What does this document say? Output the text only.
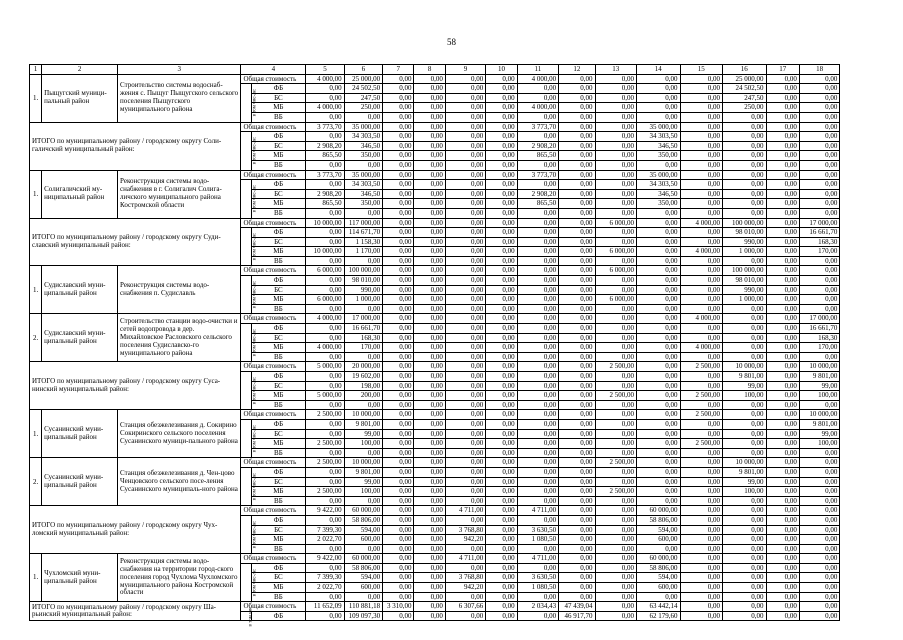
58
1	2	3	4		5	6	7	8	9	10	11	12	13	14	15	16	17	18
1.	Пыщугский муници-пальный район	Строительство системы водоснаб-жения с. Пыщуг Пыщугского сельского поселения Пыщугского муниципального района	Общая стоимость		4 000,00	25 000,00	0,00	0,00	0,00	0,00	4 000,00	0,00	0,00	0,00	0,00	25 000,00	0,00	0,00
			в том чис-ле:	ФБ	0,00	24 502,50	0,00	0,00	0,00	0,00	0,00	0,00	0,00	0,00	0,00	24 502,50	0,00	0,00
				БС	0,00	247,50	0,00	0,00	0,00	0,00	0,00	0,00	0,00	0,00	0,00	247,50	0,00	0,00
				МБ	4 000,00	250,00	0,00	0,00	0,00	0,00	4 000,00	0,00	0,00	0,00	0,00	250,00	0,00	0,00
				ВБ	0,00	0,00	0,00	0,00	0,00	0,00	0,00	0,00	0,00	0,00	0,00	0,00	0,00	0,00
ИТОГО по муниципальному району / городскому округу Соли-галичский муниципальный район:			Общая стоимость		3 773,70	35 000,00	0,00	0,00	0,00	0,00	3 773,70	0,00	0,00	35 000,00	0,00	0,00	0,00	0,00
			в том чис-ле:	ФБ	0,00	34 303,50	0,00	0,00	0,00	0,00	0,00	0,00	0,00	34 303,50	0,00	0,00	0,00	0,00
				БС	2 908,20	346,50	0,00	0,00	0,00	0,00	2 908,20	0,00	0,00	346,50	0,00	0,00	0,00	0,00
				МБ	865,50	350,00	0,00	0,00	0,00	0,00	865,50	0,00	0,00	350,00	0,00	0,00	0,00	0,00
				ВБ	0,00	0,00	0,00	0,00	0,00	0,00	0,00	0,00	0,00	0,00	0,00	0,00	0,00	0,00
1.	Солигаличский му-ниципальный район	Реконструкция системы водо-снабжения в г. Солигалич Солига-личского муниципального района Костромской области	Общая стоимость		3 773,70	35 000,00	0,00	0,00	0,00	0,00	3 773,70	0,00	0,00	35 000,00	0,00	0,00	0,00	0,00
			в том чис-ле:	ФБ	0,00	34 303,50	0,00	0,00	0,00	0,00	0,00	0,00	0,00	34 303,50	0,00	0,00	0,00	0,00
				БС	2 908,20	346,50	0,00	0,00	0,00	0,00	2 908,20	0,00	0,00	346,50	0,00	0,00	0,00	0,00
				МБ	865,50	350,00	0,00	0,00	0,00	0,00	865,50	0,00	0,00	350,00	0,00	0,00	0,00	0,00
				ВБ	0,00	0,00	0,00	0,00	0,00	0,00	0,00	0,00	0,00	0,00	0,00	0,00	0,00	0,00
ИТОГО по муниципальному району / городскому округу Суди-славский муниципальный район:			Общая стоимость		10 000,00	117 000,00	0,00	0,00	0,00	0,00	0,00	0,00	6 000,00	0,00	4 000,00	100 000,00	0,00	17 000,00
			в том чис-ле:	ФБ	0,00	114 671,70	0,00	0,00	0,00	0,00	0,00	0,00	0,00	0,00	0,00	98 010,00	0,00	16 661,70
				БС	0,00	1 158,30	0,00	0,00	0,00	0,00	0,00	0,00	0,00	0,00	0,00	990,00	0,00	168,30
				МБ	10 000,00	1 170,00	0,00	0,00	0,00	0,00	0,00	0,00	6 000,00	0,00	4 000,00	1 000,00	0,00	170,00
				ВБ	0,00	0,00	0,00	0,00	0,00	0,00	0,00	0,00	0,00	0,00	0,00	0,00	0,00	0,00
1.	Судиславский муни-ципальный район	Реконструкция системы водо-снабжения п. Судиславль	Общая стоимость		6 000,00	100 000,00	0,00	0,00	0,00	0,00	0,00	0,00	6 000,00	0,00	0,00	100 000,00	0,00	0,00
			в том чис-ле:	ФБ	0,00	98 010,00	0,00	0,00	0,00	0,00	0,00	0,00	0,00	0,00	0,00	98 010,00	0,00	0,00
				БС	0,00	990,00	0,00	0,00	0,00	0,00	0,00	0,00	0,00	0,00	0,00	990,00	0,00	0,00
				МБ	6 000,00	1 000,00	0,00	0,00	0,00	0,00	0,00	0,00	6 000,00	0,00	0,00	1 000,00	0,00	0,00
				ВБ	0,00	0,00	0,00	0,00	0,00	0,00	0,00	0,00	0,00	0,00	0,00	0,00	0,00	0,00
2.	Судиславский муни-ципальный район	Строительство станции водо-очистки и сетей водопровода в дер. Михайловское Расловского сельского поселения Судиславско-го муниципального района	Общая стоимость		4 000,00	17 000,00	0,00	0,00	0,00	0,00	0,00	0,00	0,00	0,00	4 000,00	0,00	0,00	17 000,00
			в том чис-ле:	ФБ	0,00	16 661,70	0,00	0,00	0,00	0,00	0,00	0,00	0,00	0,00	0,00	0,00	0,00	16 661,70
				БС	0,00	168,30	0,00	0,00	0,00	0,00	0,00	0,00	0,00	0,00	0,00	0,00	0,00	168,30
				МБ	4 000,00	170,00	0,00	0,00	0,00	0,00	0,00	0,00	0,00	0,00	4 000,00	0,00	0,00	170,00
				ВБ	0,00	0,00	0,00	0,00	0,00	0,00	0,00	0,00	0,00	0,00	0,00	0,00	0,00	0,00
ИТОГО по муниципальному району / городскому округу Суса-нинский муниципальный район:			Общая стоимость		5 000,00	20 000,00	0,00	0,00	0,00	0,00	0,00	0,00	2 500,00	0,00	2 500,00	10 000,00	0,00	10 000,00
			в том чис-ле:	ФБ	0,00	19 602,00	0,00	0,00	0,00	0,00	0,00	0,00	0,00	0,00	0,00	9 801,00	0,00	9 801,00
				БС	0,00	198,00	0,00	0,00	0,00	0,00	0,00	0,00	0,00	0,00	0,00	99,00	0,00	99,00
				МБ	5 000,00	200,00	0,00	0,00	0,00	0,00	0,00	0,00	2 500,00	0,00	2 500,00	100,00	0,00	100,00
				ВБ	0,00	0,00	0,00	0,00	0,00	0,00	0,00	0,00	0,00	0,00	0,00	0,00	0,00	0,00
1.	Сусанинский муни-ципальный район	Станция обезжелезивания д. Сокирино Сокиринского сельского поселения Сусанинского муници-пального района	Общая стоимость		2 500,00	10 000,00	0,00	0,00	0,00	0,00	0,00	0,00	0,00	0,00	2 500,00	0,00	0,00	10 000,00
			в том чис-ле:	ФБ	0,00	9 801,00	0,00	0,00	0,00	0,00	0,00	0,00	0,00	0,00	0,00	0,00	0,00	9 801,00
				БС	0,00	99,00	0,00	0,00	0,00	0,00	0,00	0,00	0,00	0,00	0,00	0,00	0,00	99,00
				МБ	2 500,00	100,00	0,00	0,00	0,00	0,00	0,00	0,00	0,00	0,00	2 500,00	0,00	0,00	100,00
				ВБ	0,00	0,00	0,00	0,00	0,00	0,00	0,00	0,00	0,00	0,00	0,00	0,00	0,00	0,00
2.	Сусанинский муни-ципальный район	Станция обезжелезивания д. Чен-цово Ченцовского сельского посе-ления Сусанинского муниципаль-ного района	Общая стоимость		2 500,00	10 000,00	0,00	0,00	0,00	0,00	0,00	0,00	2 500,00	0,00	0,00	10 000,00	0,00	0,00
			в том чис-ле:	ФБ	0,00	9 801,00	0,00	0,00	0,00	0,00	0,00	0,00	0,00	0,00	0,00	9 801,00	0,00	0,00
				БС	0,00	99,00	0,00	0,00	0,00	0,00	0,00	0,00	0,00	0,00	0,00	99,00	0,00	0,00
				МБ	2 500,00	100,00	0,00	0,00	0,00	0,00	0,00	0,00	2 500,00	0,00	0,00	100,00	0,00	0,00
				ВБ	0,00	0,00	0,00	0,00	0,00	0,00	0,00	0,00	0,00	0,00	0,00	0,00	0,00	0,00
ИТОГО по муниципальному району / городскому округу Чух-ломский муниципальный район:			Общая стоимость		9 422,00	60 000,00	0,00	0,00	4 711,00	0,00	4 711,00	0,00	0,00	60 000,00	0,00	0,00	0,00	0,00
			в том чис-ле:	ФБ	0,00	58 806,00	0,00	0,00	0,00	0,00	0,00	0,00	0,00	58 806,00	0,00	0,00	0,00	0,00
				БС	7 399,30	594,00	0,00	0,00	3 768,80	0,00	3 630,50	0,00	0,00	594,00	0,00	0,00	0,00	0,00
				МБ	2 022,70	600,00	0,00	0,00	942,20	0,00	1 080,50	0,00	0,00	600,00	0,00	0,00	0,00	0,00
				ВБ	0,00	0,00	0,00	0,00	0,00	0,00	0,00	0,00	0,00	0,00	0,00	0,00	0,00	0,00
1.	Чухломский муни-ципальный район	Реконструкция системы водо-снабжения на территории город-ского поселения город Чухлома Чухломского муниципального района Костромской области	Общая стоимость		9 422,00	60 000,00	0,00	0,00	4 711,00	0,00	4 711,00	0,00	0,00	60 000,00	0,00	0,00	0,00	0,00
			в том чис-ле:	ФБ	0,00	58 806,00	0,00	0,00	0,00	0,00	0,00	0,00	0,00	58 806,00	0,00	0,00	0,00	0,00
				БС	7 399,30	594,00	0,00	0,00	3 768,80	0,00	3 630,50	0,00	0,00	594,00	0,00	0,00	0,00	0,00
				МБ	2 022,70	600,00	0,00	0,00	942,20	0,00	1 080,50	0,00	0,00	600,00	0,00	0,00	0,00	0,00
				ВБ	0,00	0,00	0,00	0,00	0,00	0,00	0,00	0,00	0,00	0,00	0,00	0,00	0,00	0,00
ИТОГО по муниципальному району / городскому округу Ша-рьинский муниципальный район:			Общая стоимость		11 652,09	110 881,18	3 310,00	0,00	6 307,66	0,00	2 034,43	47 439,04	0,00	63 442,14	0,00	0,00	0,00	0,00
			в том чис	ФБ	0,00	109 097,30	0,00	0,00	0,00	0,00	0,00	46 917,70	0,00	62 179,60	0,00	0,00	0,00	0,00
